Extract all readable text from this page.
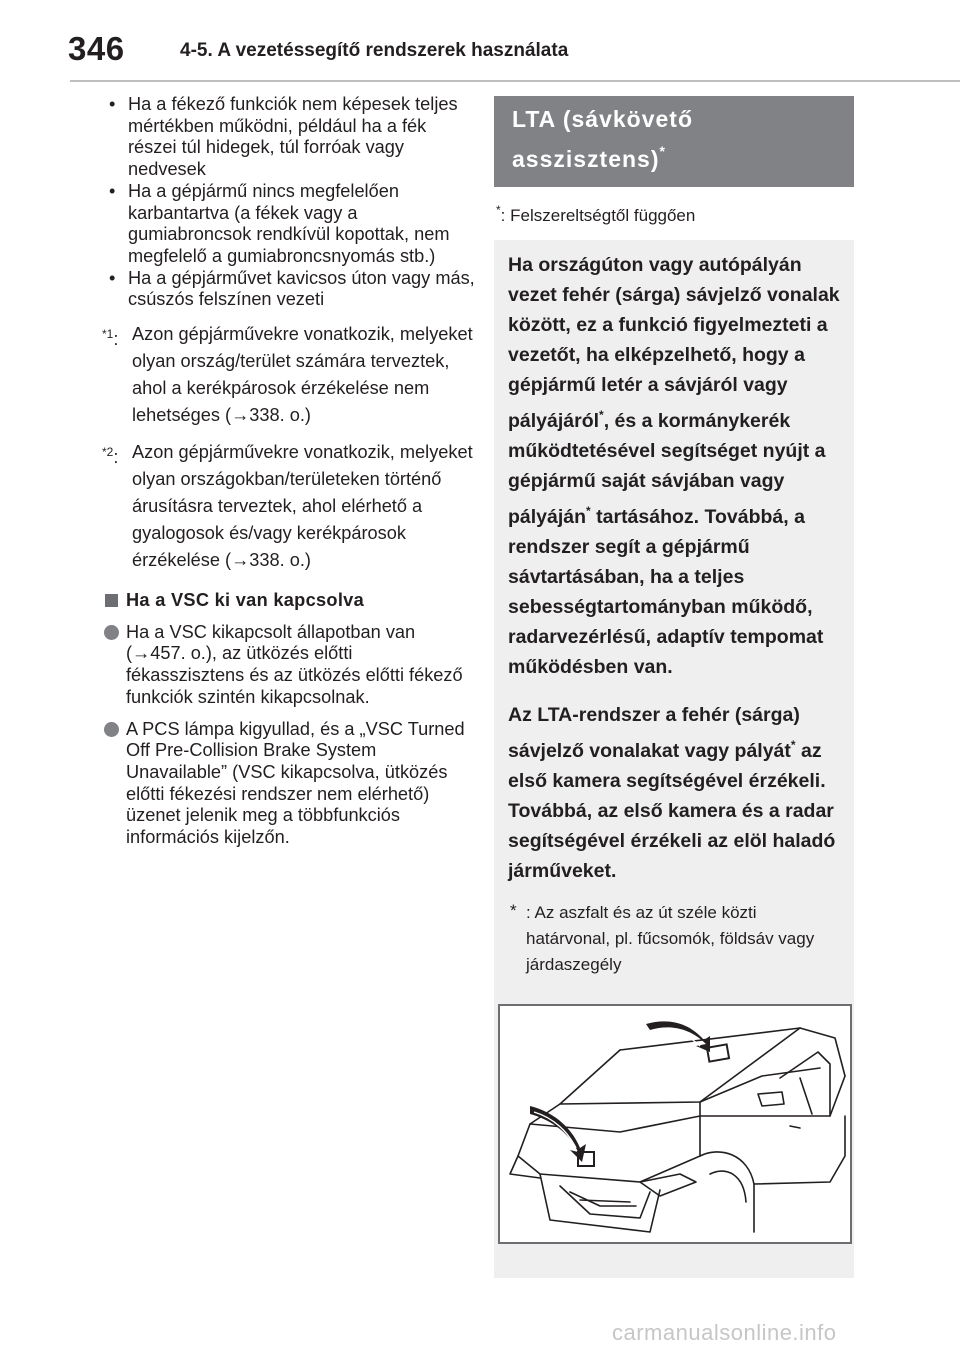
346	4-5. A vezetéssegítő rendszerek használata
• Ha a fékező funkciók nem képesek teljes mértékben működni, például ha a fék részei túl hidegek, túl forróak vagy nedvesek
• Ha a gépjármű nincs megfelelően karbantartva (a fékek vagy a gumiabroncsok rendkívül kopottak, nem megfelelő a gumiabroncsnyomás stb.)
• Ha a gépjárművet kavicsos úton vagy más, csúszós felszínen vezeti
$^{*1}$: Azon gépjárművekre vonatkozik, melyeket olyan ország/terület számára terveztek, ahol a kerékpárosok érzékelése nem lehetséges (→338. o.)
$^{*2}$: Azon gépjárművekre vonatkozik, melyeket olyan országokban/területeken történő árusításra terveztek, ahol elérhető a gyalogosok és/vagy kerékpárosok érzékelése (→338. o.)
Ha a VSC ki van kapcsolva
Ha a VSC kikapcsolt állapotban van (→457. o.), az ütközés előtti fékasszisztens és az ütközés előtti fékező funkciók szintén kikapcsolnak.
A PCS lámpa kigyullad, és a „VSC Turned Off Pre-Collision Brake System Unavailable” (VSC kikapcsolva, ütközés előtti fékezési rendszer nem elérhető) üzenet jelenik meg a többfunkciós információs kijelzőn.
LTA (sávkövető asszisztens)*
*: Felszereltségtől függően

Ha országúton vagy autópályán vezet fehér (sárga) sávjelző vonalak között, ez a funkció figyelmezteti a vezetőt, ha elképzelhető, hogy a gépjármű letér a sávjáról vagy pályájáról*, és a kormánykerék működtetésével segítséget nyújt a gépjármű saját sávjában vagy pályáján* tartásához. Továbbá, a rendszer segít a gépjármű sávtartásában, ha a teljes sebességtartományban működő, radarvezérlésű, adaptív tempomat működésben van.

Az LTA-rendszer a fehér (sárga) sávjelző vonalakat vagy pályát* az első kamera segítségével érzékeli. Továbbá, az első kamera és a radar segítségével érzékeli az elöl haladó járműveket.

* : Az aszfalt és az út széle közti határvonal, pl. fűcsomók, földsáv vagy járdaszegély
carmanualsonline.info
